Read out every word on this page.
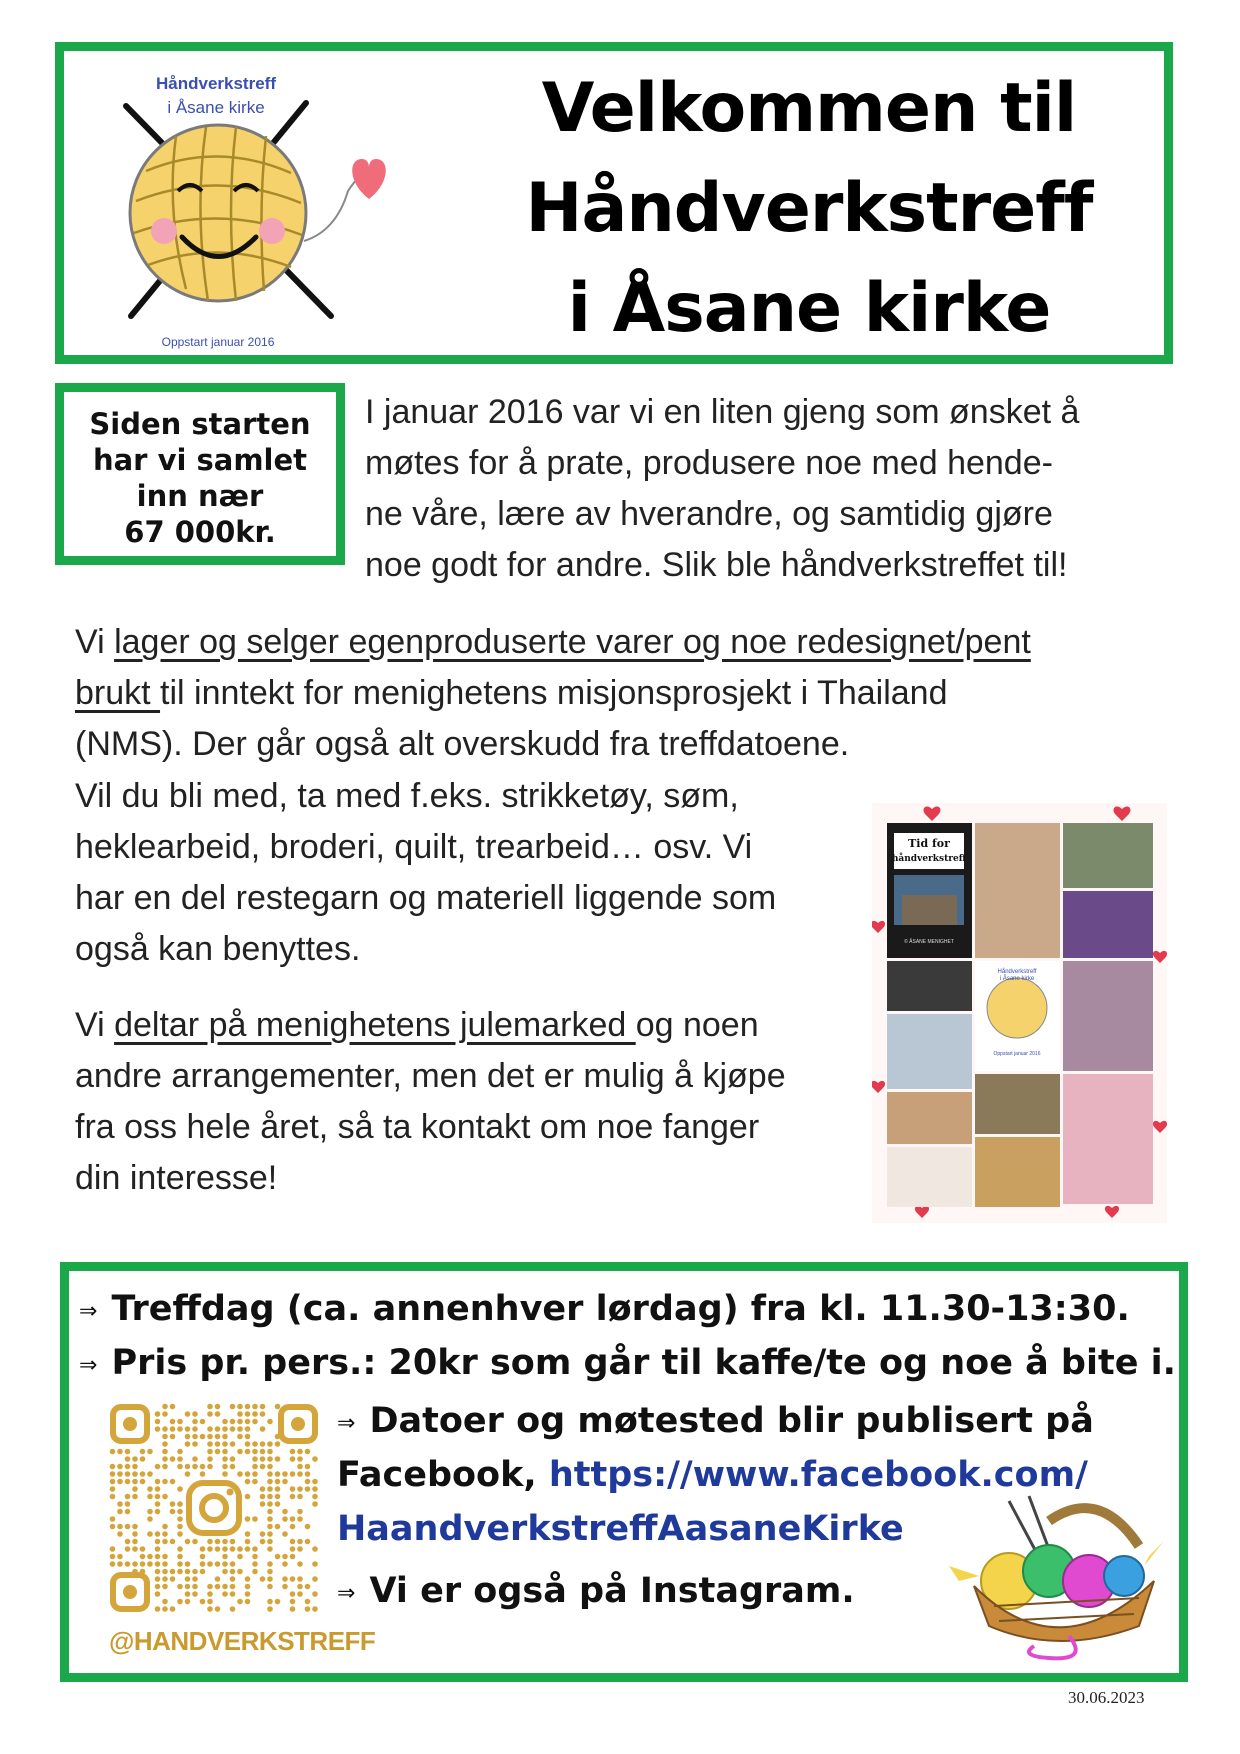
Håndverkstreff
i Åsane kirke
Oppstart januar 2016
Velkommen til
Håndverkstreff
i Åsane kirke
Siden starten
har vi samlet
inn nær
67 000kr.
I januar 2016 var vi en liten gjeng som ønsket å
møtes for å prate, produsere noe med hende-
ne våre, lære av hverandre, og samtidig gjøre
noe godt for andre. Slik ble håndverkstreffet til!
Vi lager og selger egenproduserte varer og noe redesignet/pent
brukt til inntekt for menighetens misjonsprosjekt i Thailand
(NMS). Der går også alt overskudd fra treffdatoene.
Vil du bli med, ta med f.eks. strikketøy, søm,
heklearbeid, broderi, quilt, trearbeid… osv. Vi
har en del restegarn og materiell liggende som
også kan benyttes.
Vi deltar på menighetens julemarked og noen
andre arrangementer, men det er mulig å kjøpe
fra oss hele året, så ta kontakt om noe fanger
din interesse!
Tid for
håndverkstreff
© ÅSANE MENIGHET
Håndverkstreff
i Åsane kirke
Oppstart januar 2016
⇒ Treffdag (ca. annenhver lørdag) fra kl. 11.30-13:30.
⇒ Pris pr. pers.: 20kr som går til kaffe/te og noe å bite i.
@HANDVERKSTREFF
⇒ Datoer og møtested blir publisert på
Facebook, https://www.facebook.com/
HaandverkstreffAasaneKirke
⇒ Vi er også på Instagram.
30.06.2023
